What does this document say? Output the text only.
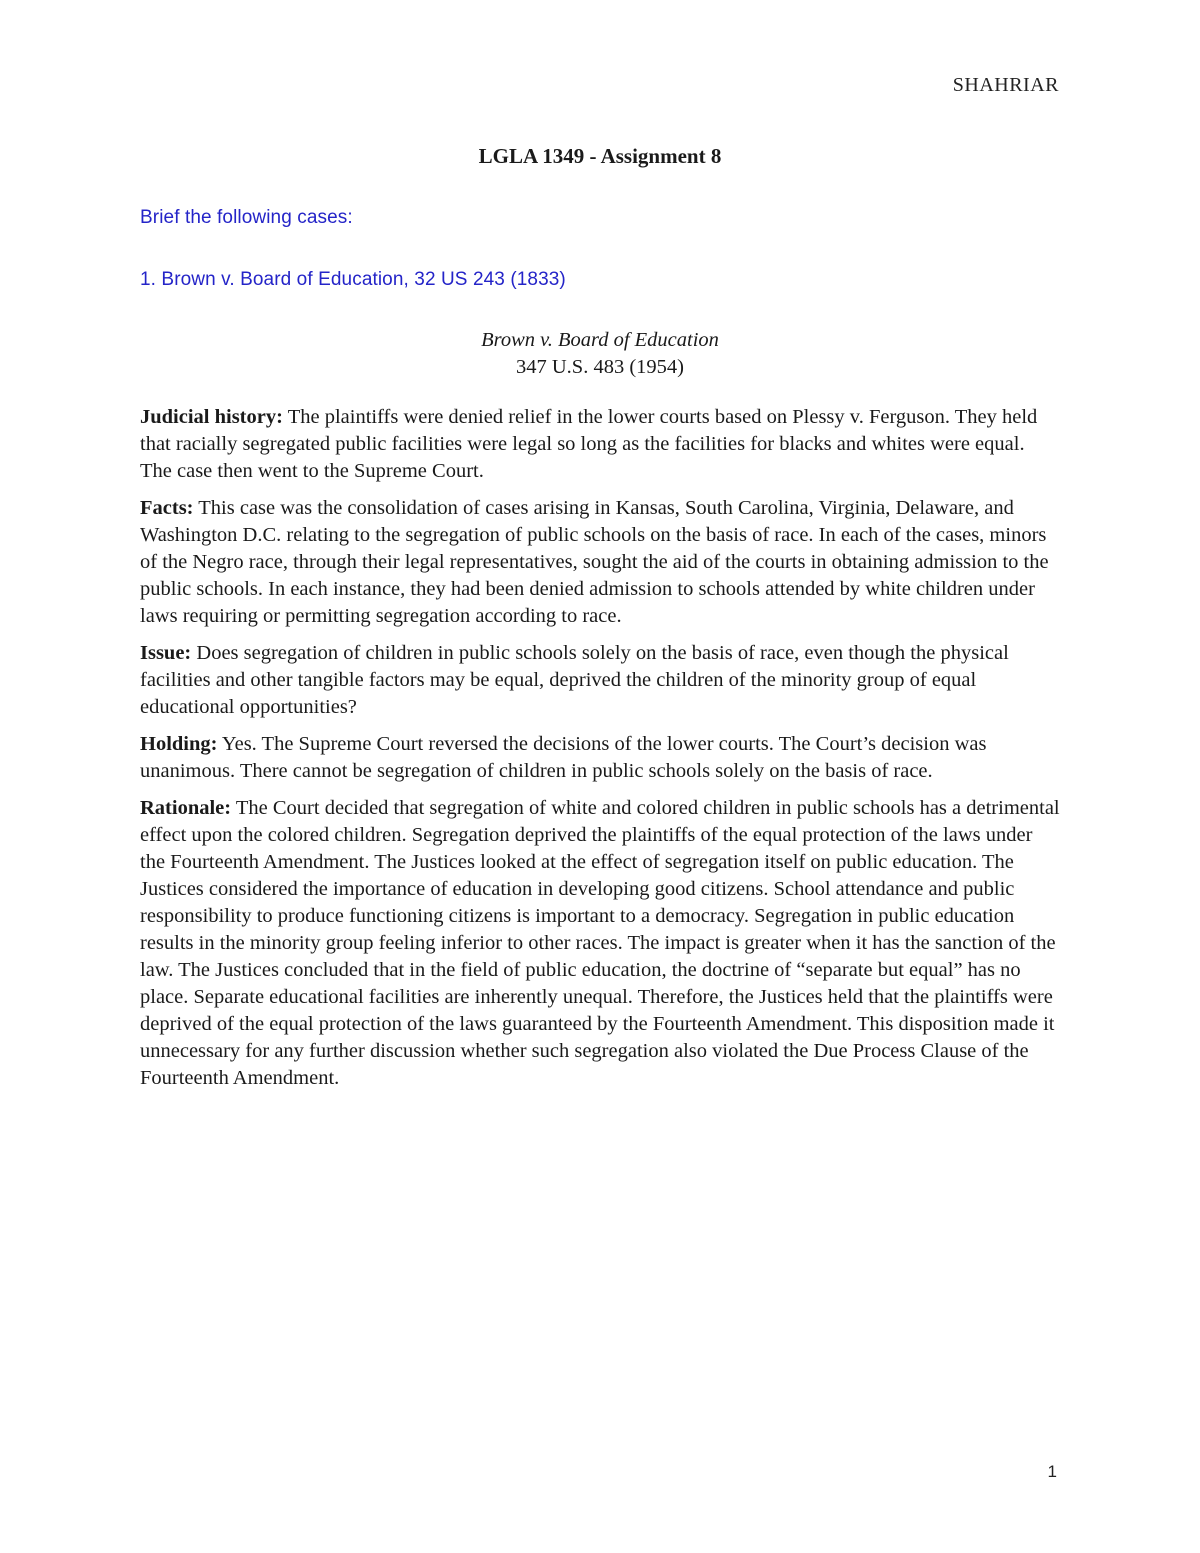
SHAHRIAR

LGLA 1349 - Assignment 8

Brief the following cases:

1. Brown v. Board of Education, 32 US 243 (1833)

Brown v. Board of Education

347 U.S. 483 (1954)

Judicial history: The plaintiffs were denied relief in the lower courts based on Plessy v. Ferguson. They held that racially segregated public facilities were legal so long as the facilities for blacks and whites were equal. The case then went to the Supreme Court.

Facts: This case was the consolidation of cases arising in Kansas, South Carolina, Virginia, Delaware, and Washington D.C. relating to the segregation of public schools on the basis of race. In each of the cases, minors of the Negro race, through their legal representatives, sought the aid of the courts in obtaining admission to the public schools. In each instance, they had been denied admission to schools attended by white children under laws requiring or permitting segregation according to race.

Issue: Does segregation of children in public schools solely on the basis of race, even though the physical facilities and other tangible factors may be equal, deprived the children of the minority group of equal educational opportunities?

Holding: Yes. The Supreme Court reversed the decisions of the lower courts. The Court’s decision was unanimous. There cannot be segregation of children in public schools solely on the basis of race.

Rationale: The Court decided that segregation of white and colored children in public schools has a detrimental effect upon the colored children. Segregation deprived the plaintiffs of the equal protection of the laws under the Fourteenth Amendment. The Justices looked at the effect of segregation itself on public education. The Justices considered the importance of education in developing good citizens. School attendance and public responsibility to produce functioning citizens is important to a democracy. Segregation in public education results in the minority group feeling inferior to other races. The impact is greater when it has the sanction of the law. The Justices concluded that in the field of public education, the doctrine of “separate but equal” has no place. Separate educational facilities are inherently unequal. Therefore, the Justices held that the plaintiffs were deprived of the equal protection of the laws guaranteed by the Fourteenth Amendment. This disposition made it unnecessary for any further discussion whether such segregation also violated the Due Process Clause of the Fourteenth Amendment.

1
